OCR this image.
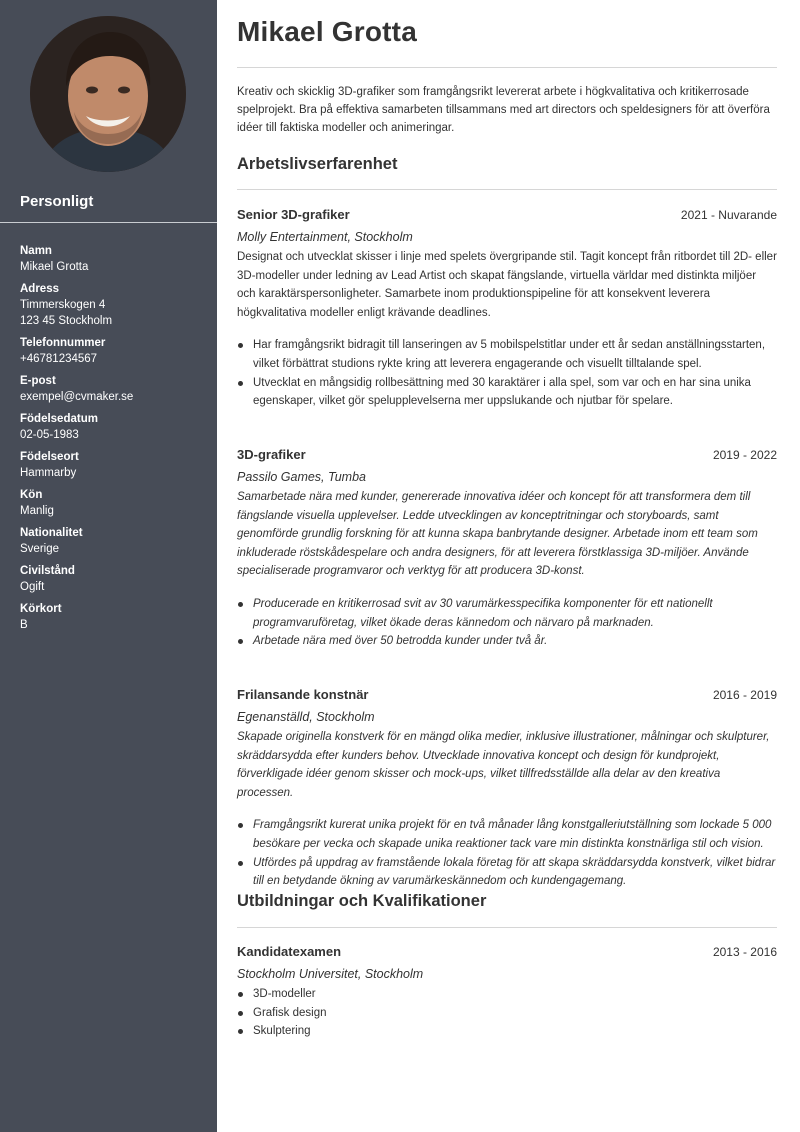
Personligt
Namn
Mikael Grotta
Adress
Timmerskogen 4
123 45 Stockholm
Telefonnummer
+46781234567
E-post
exempel@cvmaker.se
Födelsedatum
02-05-1983
Födelseort
Hammarby
Kön
Manlig
Nationalitet
Sverige
Civilstånd
Ogift
Körkort
B
Mikael Grotta
Kreativ och skicklig 3D-grafiker som framgångsrikt levererat arbete i högkvalitativa och kritikerrosade spelprojekt. Bra på effektiva samarbeten tillsammans med art directors och speldesigners för att överföra idéer till faktiska modeller och animeringar.
Arbetslivserfarenhet
Senior 3D-grafiker	2021 - Nuvarande
Molly Entertainment, Stockholm
Designat och utvecklat skisser i linje med spelets övergripande stil. Tagit koncept från ritbordet till 2D- eller 3D-modeller under ledning av Lead Artist och skapat fängslande, virtuella världar med distinkta miljöer och karaktärspersonligheter. Samarbete inom produktionspipeline för att konsekvent leverera högkvalitativa modeller enligt krävande deadlines.
Har framgångsrikt bidragit till lanseringen av 5 mobilspelstitlar under ett år sedan anställningsstarten, vilket förbättrat studions rykte kring att leverera engagerande och visuellt tilltalande spel.
Utvecklat en mångsidig rollbesättning med 30 karaktärer i alla spel, som var och en har sina unika egenskaper, vilket gör spelupplevelserna mer uppslukande och njutbar för spelare.
3D-grafiker	2019 - 2022
Passilo Games, Tumba
Samarbetade nära med kunder, genererade innovativa idéer och koncept för att transformera dem till fängslande visuella upplevelser. Ledde utvecklingen av konceptritningar och storyboards, samt genomförde grundlig forskning för att kunna skapa banbrytande designer. Arbetade inom ett team som inkluderade röstskådespelare och andra designers, för att leverera förstklassiga 3D-miljöer. Använde specialiserade programvaror och verktyg för att producera 3D-konst.
Producerade en kritikerrosad svit av 30 varumärkesspecifika komponenter för ett nationellt programvaruföretag, vilket ökade deras kännedom och närvaro på marknaden.
Arbetade nära med över 50 betrodda kunder under två år.
Frilansande konstnär	2016 - 2019
Egenanställd, Stockholm
Skapade originella konstverk för en mängd olika medier, inklusive illustrationer, målningar och skulpturer, skräddarsydda efter kunders behov. Utvecklade innovativa koncept och design för kundprojekt, förverkligade idéer genom skisser och mock-ups, vilket tillfredsställde alla delar av den kreativa processen.
Framgångsrikt kurerat unika projekt för en två månader lång konstgalleriutställning som lockade 5 000 besökare per vecka och skapade unika reaktioner tack vare min distinkta konstnärliga stil och vision.
Utfördes på uppdrag av framstående lokala företag för att skapa skräddarsydda konstverk, vilket bidrar till en betydande ökning av varumärkeskännedom och kundengagemang.
Utbildningar och Kvalifikationer
Kandidatexamen	2013 - 2016
Stockholm Universitet, Stockholm
3D-modeller
Grafisk design
Skulptering
